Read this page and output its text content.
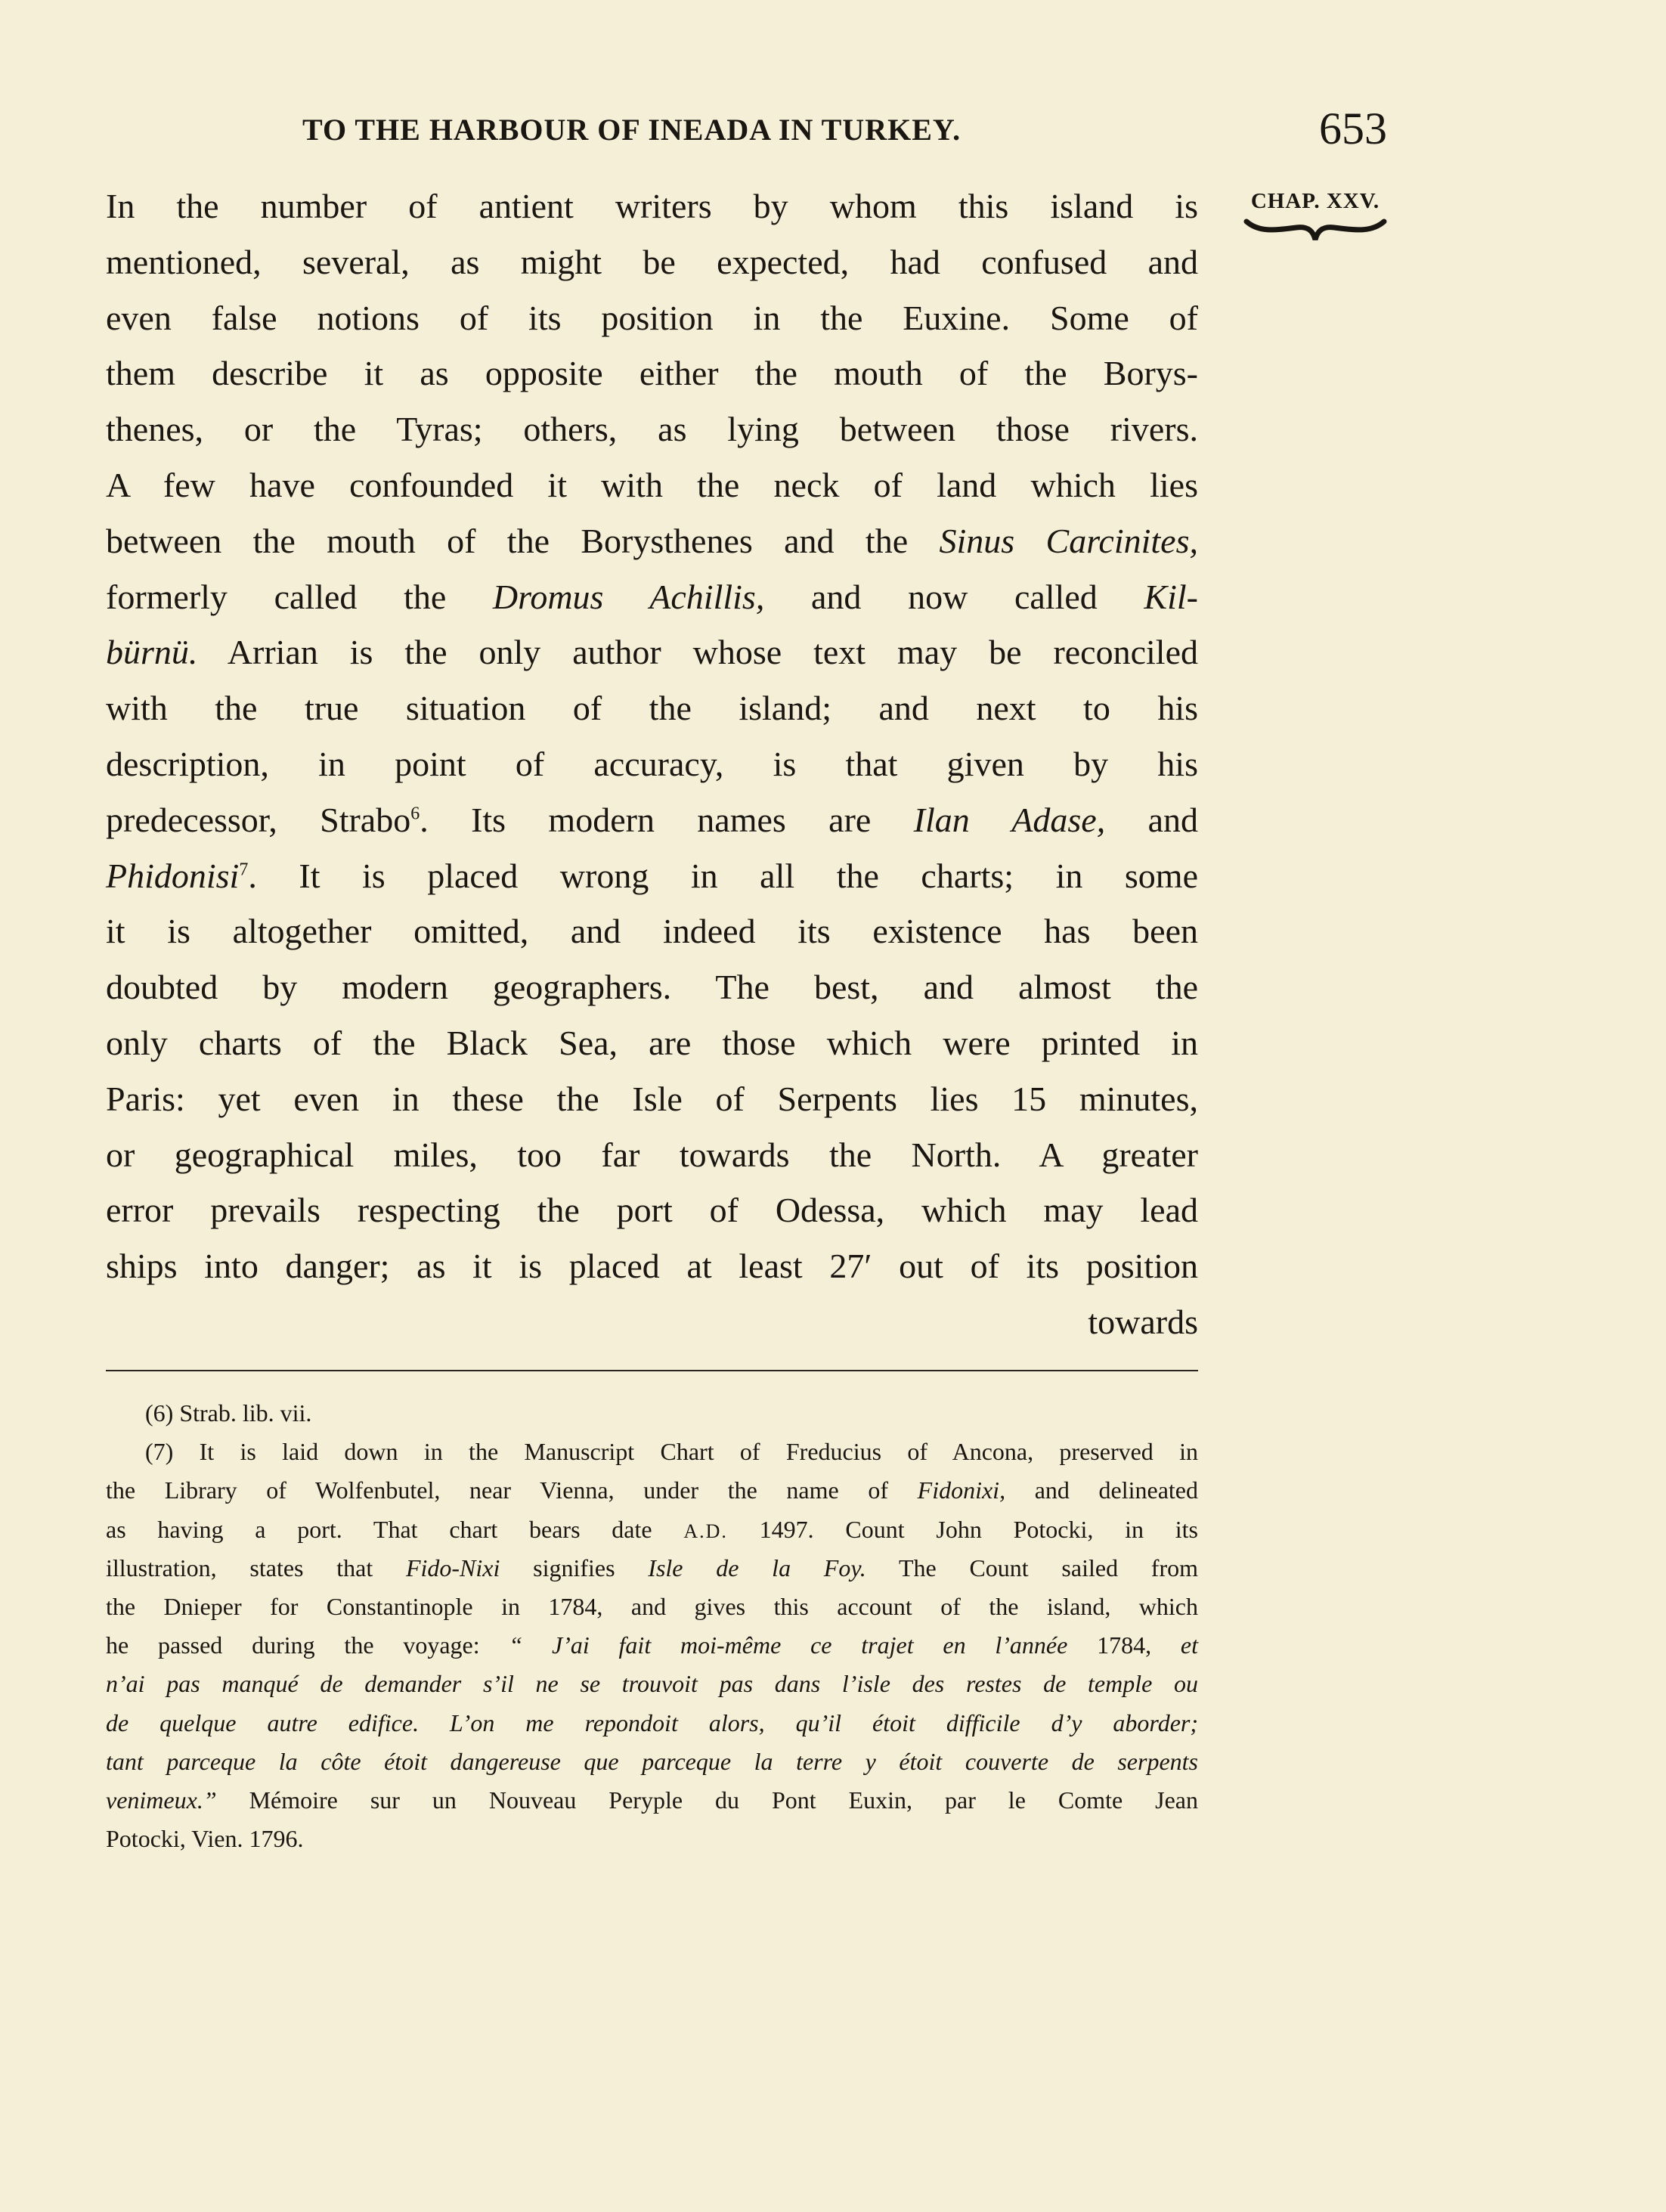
TO THE HARBOUR OF INEADA IN TURKEY.	653
CHAP. XXV.
In the number of antient writers by whom this island is
mentioned, several, as might be expected, had confused and
even false notions of its position in the Euxine. Some of
them describe it as opposite either the mouth of the Borys-
thenes, or the Tyras; others, as lying between those rivers.
A few have confounded it with the neck of land which lies
between the mouth of the Borysthenes and the Sinus Carcinites,
formerly called the Dromus Achillis, and now called Kil-
bürnü. Arrian is the only author whose text may be reconciled
with the true situation of the island; and next to his
description, in point of accuracy, is that given by his
predecessor, Strabo$^6$. Its modern names are Ilan Adase, and
Phidonisi$^7$. It is placed wrong in all the charts; in some
it is altogether omitted, and indeed its existence has been
doubted by modern geographers. The best, and almost the
only charts of the Black Sea, are those which were printed in
Paris: yet even in these the Isle of Serpents lies 15 minutes,
or geographical miles, too far towards the North. A greater
error prevails respecting the port of Odessa, which may lead
ships into danger; as it is placed at least 27′ out of its position
towards
(6) Strab. lib. vii.
(7) It is laid down in the Manuscript Chart of Freducius of Ancona, preserved in
the Library of Wolfenbutel, near Vienna, under the name of Fidonixi, and delineated
as having a port. That chart bears date A.D. 1497. Count John Potocki, in its
illustration, states that Fido-Nixi signifies Isle de la Foy. The Count sailed from
the Dnieper for Constantinople in 1784, and gives this account of the island, which
he passed during the voyage: “ J’ai fait moi-même ce trajet en l’année 1784, et
n’ai pas manqué de demander s’il ne se trouvoit pas dans l’isle des restes de temple ou
de quelque autre edifice. L’on me repondoit alors, qu’il étoit difficile d’y aborder;
tant parceque la côte étoit dangereuse que parceque la terre y étoit couverte de serpents
venimeux.” Mémoire sur un Nouveau Peryple du Pont Euxin, par le Comte Jean
Potocki, Vien. 1796.
